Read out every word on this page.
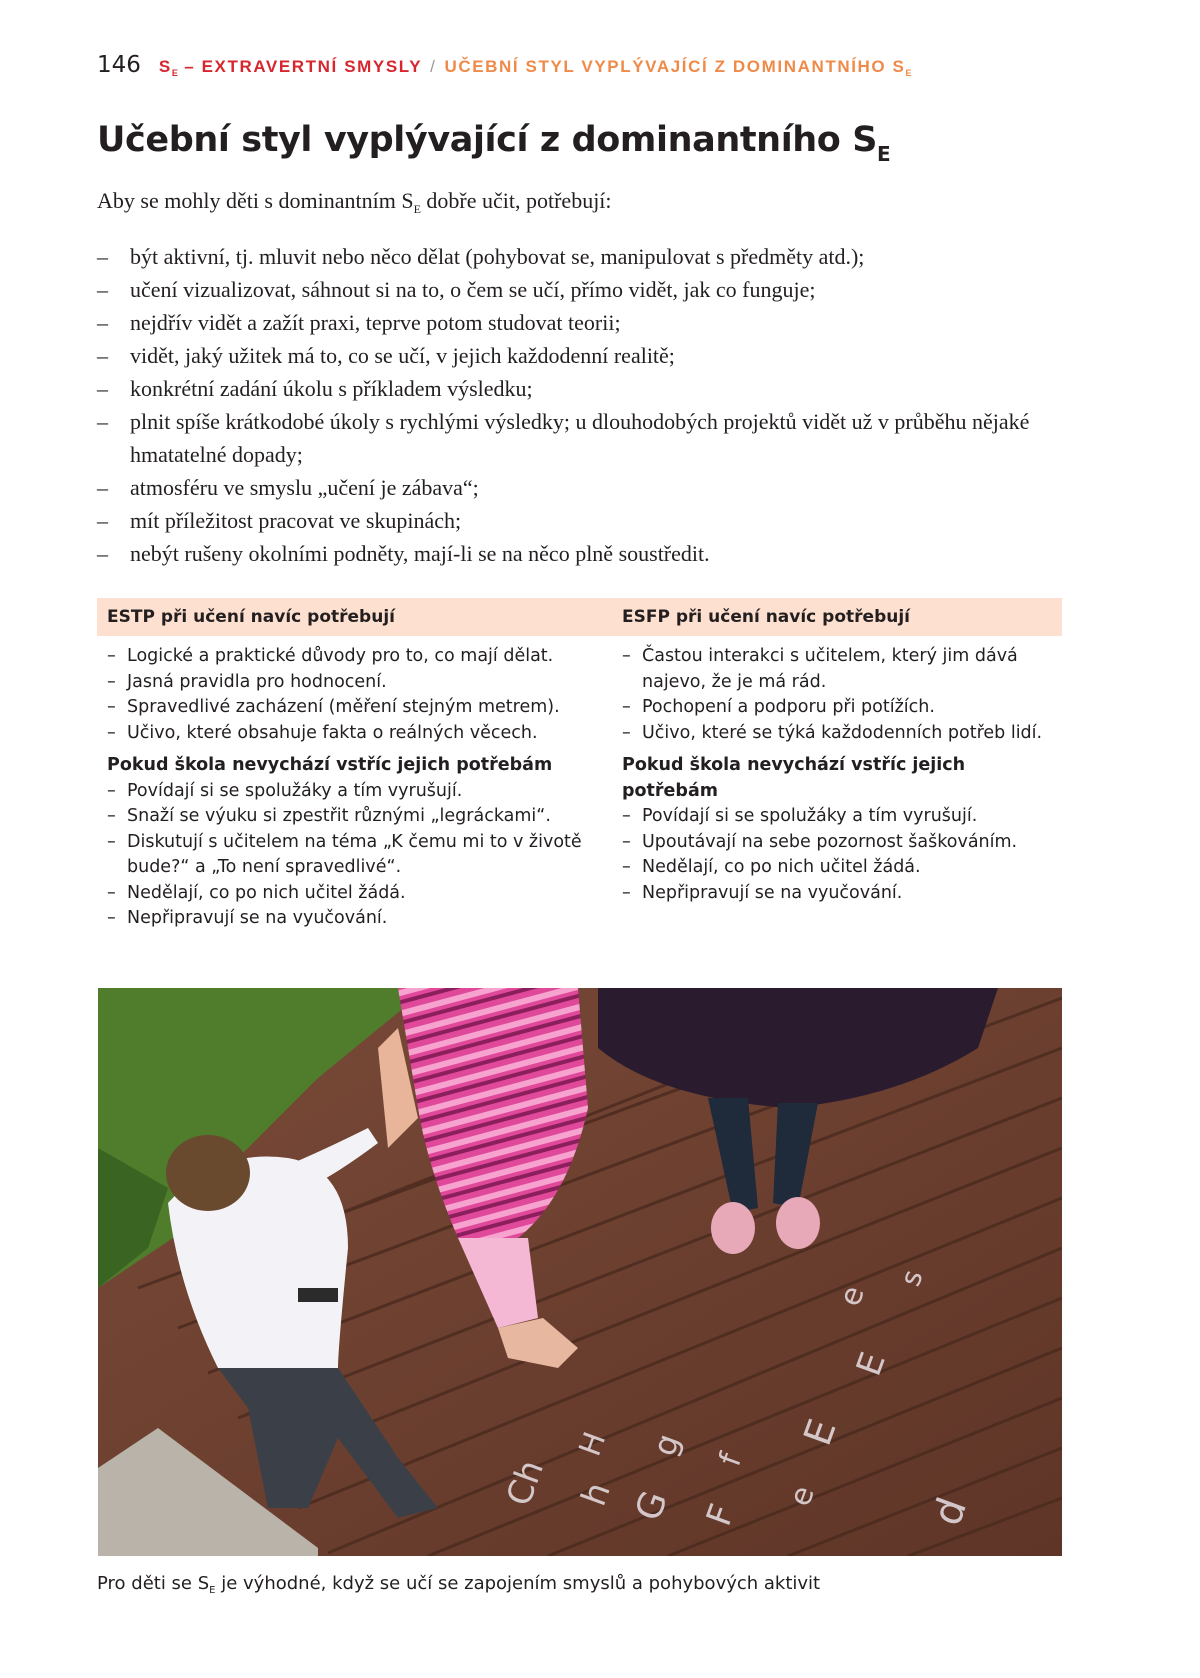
146 $S_E$ – EXTRAVERTNÍ SMYSLY / UČEBNÍ STYL VYPLÝVAJÍCÍ Z DOMINANTNÍHO $S_E$
Učební styl vyplývající z dominantního $S_E$
Aby se mohly děti s dominantním $S_E$ dobře učit, potřebují:
– být aktivní, tj. mluvit nebo něco dělat (pohybovat se, manipulovat s předměty atd.);
– učení vizualizovat, sáhnout si na to, o čem se učí, přímo vidět, jak co funguje;
– nejdřív vidět a zažít praxi, teprve potom studovat teorii;
– vidět, jaký užitek má to, co se učí, v jejich každodenní realitě;
– konkrétní zadání úkolu s příkladem výsledku;
– plnit spíše krátkodobé úkoly s rychlými výsledky; u dlouhodobých projektů vidět už v průběhu nějaké hmatatelné dopady;
– atmosféru ve smyslu „učení je zábava“;
– mít příležitost pracovat ve skupinách;
– nebýt rušeny okolními podněty, mají-li se na něco plně soustředit.
ESTP při učení navíc potřebují	ESFP při učení navíc potřebují
– Logické a praktické důvody pro to, co mají dělat.
– Jasná pravidla pro hodnocení.
– Spravedlivé zacházení (měření stejným metrem).
– Učivo, které obsahuje fakta o reálných věcech.
Pokud škola nevychází vstříc jejich potřebám
– Povídají si se spolužáky a tím vyrušují.
– Snaží se výuku si zpestřit různými „legráckami“.
– Diskutují s učitelem na téma „K čemu mi to v životě bude?“ a „To není spravedlivé“.
– Nedělají, co po nich učitel žádá.
– Nepřipravují se na vyučování.
– Častou interakci s učitelem, který jim dává najevo, že je má rád.
– Pochopení a podporu při potížích.
– Učivo, které se týká každodenních potřeb lidí.
Pokud škola nevychází vstříc jejich potřebám
– Povídají si se spolužáky a tím vyrušují.
– Upoutávají na sebe pozornost šaškováním.
– Nedělají, co po nich učitel žádá.
– Nepřipravují se na vyučování.
Ch h
H
G
g
F
f
E
e
E
e
d
s
Pro děti se $S_E$ je výhodné, když se učí se zapojením smyslů a pohybových aktivit
